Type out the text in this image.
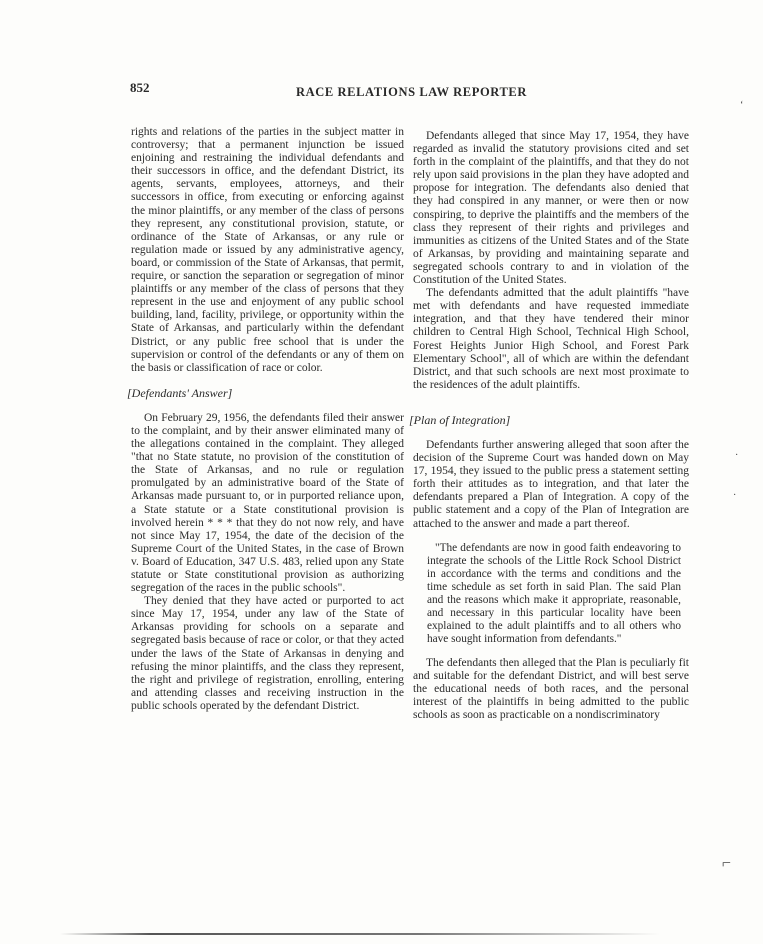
852	RACE RELATIONS LAW REPORTER

rights and relations of the parties in the subject matter in controversy; that a permanent injunction be issued enjoining and restraining the individual defendants and their successors in office, and the defendant District, its agents, servants, employees, attorneys, and their successors in office, from executing or enforcing against the minor plaintiffs, or any member of the class of persons they represent, any constitutional provision, statute, or ordinance of the State of Arkansas, or any rule or regulation made or issued by any administrative agency, board, or commission of the State of Arkansas, that permit, require, or sanction the separation or segregation of minor plaintiffs or any member of the class of persons that they represent in the use and enjoyment of any public school building, land, facility, privilege, or opportunity within the State of Arkansas, and particularly within the defendant District, or any public free school that is under the supervision or control of the defendants or any of them on the basis or classification of race or color.

[Defendants' Answer]

On February 29, 1956, the defendants filed their answer to the complaint, and by their answer eliminated many of the allegations contained in the complaint. They alleged "that no State statute, no provision of the constitution of the State of Arkansas, and no rule or regulation promulgated by an administrative board of the State of Arkansas made pursuant to, or in purported reliance upon, a State statute or a State constitutional provision is involved herein * * * that they do not now rely, and have not since May 17, 1954, the date of the decision of the Supreme Court of the United States, in the case of Brown v. Board of Education, 347 U.S. 483, relied upon any State statute or State constitutional provision as authorizing segregation of the races in the public schools".

They denied that they have acted or purported to act since May 17, 1954, under any law of the State of Arkansas providing for schools on a separate and segregated basis because of race or color, or that they acted under the laws of the State of Arkansas in denying and refusing the minor plaintiffs, and the class they represent, the right and privilege of registration, enrolling, entering and attending classes and receiving instruction in the public schools operated by the defendant District.

Defendants alleged that since May 17, 1954, they have regarded as invalid the statutory provisions cited and set forth in the complaint of the plaintiffs, and that they do not rely upon said provisions in the plan they have adopted and propose for integration. The defendants also denied that they had conspired in any manner, or were then or now conspiring, to deprive the plaintiffs and the members of the class they represent of their rights and privileges and immunities as citizens of the United States and of the State of Arkansas, by providing and maintaining separate and segregated schools contrary to and in violation of the Constitution of the United States.

The defendants admitted that the adult plaintiffs "have met with defendants and have requested immediate integration, and that they have tendered their minor children to Central High School, Technical High School, Forest Heights Junior High School, and Forest Park Elementary School", all of which are within the defendant District, and that such schools are next most proximate to the residences of the adult plaintiffs.

[Plan of Integration]

Defendants further answering alleged that soon after the decision of the Supreme Court was handed down on May 17, 1954, they issued to the public press a statement setting forth their attitudes as to integration, and that later the defendants prepared a Plan of Integration. A copy of the public statement and a copy of the Plan of Integration are attached to the answer and made a part thereof.

"The defendants are now in good faith endeavoring to integrate the schools of the Little Rock School District in accordance with the terms and conditions and the time schedule as set forth in said Plan. The said Plan and the reasons which make it appropriate, reasonable, and necessary in this particular locality have been explained to the adult plaintiffs and to all others who have sought information from defendants."

The defendants then alleged that the Plan is peculiarly fit and suitable for the defendant District, and will best serve the educational needs of both races, and the personal interest of the plaintiffs in being admitted to the public schools as soon as practicable on a nondiscriminatory

ʻ
·
·
⌐
